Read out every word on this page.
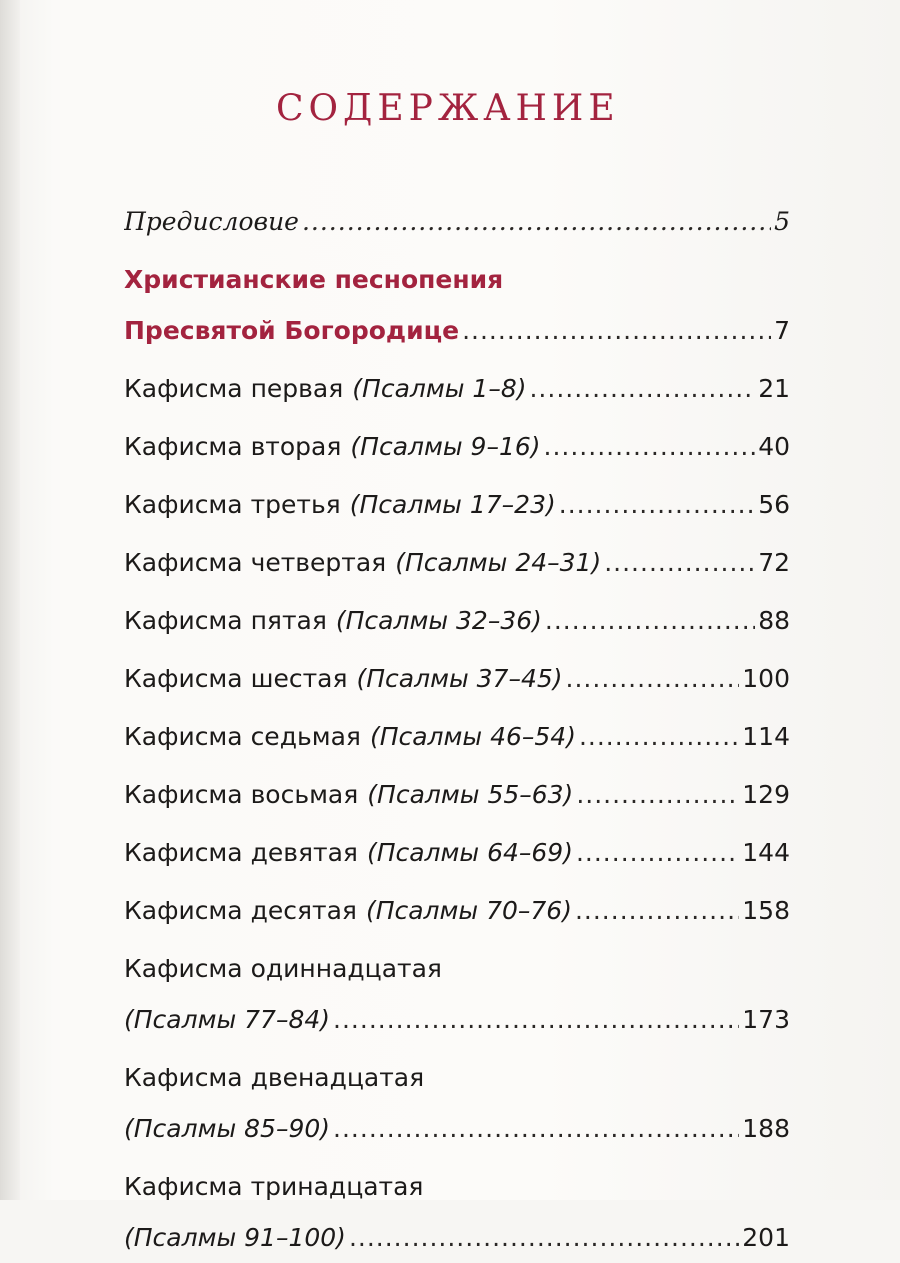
СОДЕРЖАНИЕ
Предисловие .....	5
Христианские песнопения
Пресвятой Богородице .....	7
Кафисма первая (Псалмы 1–8) .....	21
Кафисма вторая (Псалмы 9–16) .....	40
Кафисма третья (Псалмы 17–23) .....	56
Кафисма четвертая (Псалмы 24–31) .....	72
Кафисма пятая (Псалмы 32–36) .....	88
Кафисма шестая (Псалмы 37–45) .....	100
Кафисма седьмая (Псалмы 46–54) .....	114
Кафисма восьмая (Псалмы 55–63) .....	129
Кафисма девятая (Псалмы 64–69) .....	144
Кафисма десятая (Псалмы 70–76) .....	158
Кафисма одиннадцатая
(Псалмы 77–84) .....	173
Кафисма двенадцатая
(Псалмы 85–90) .....	188
Кафисма тринадцатая
(Псалмы 91–100) .....	201
